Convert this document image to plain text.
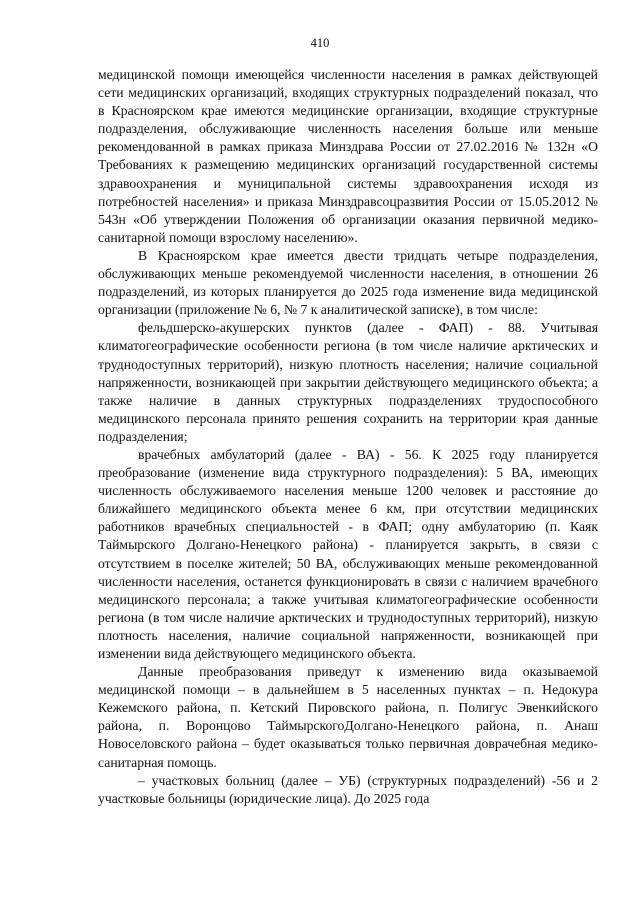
410

медицинской помощи имеющейся численности населения в рамках действующей сети медицинских организаций, входящих структурных подразделений показал, что в Красноярском крае имеются медицинские организации, входящие структурные подразделения, обслуживающие численность населения больше или меньше рекомендованной в рамках приказа Минздрава России от 27.02.2016 № 132н «О Требованиях к размещению медицинских организаций государственной системы здравоохранения и муниципальной системы здравоохранения исходя из потребностей населения» и приказа Минздравсоцразвития России от 15.05.2012 № 543н «Об утверждении Положения об организации оказания первичной медико-санитарной помощи взрослому населению».

В Красноярском крае имеется двести тридцать четыре подразделения, обслуживающих меньше рекомендуемой численности населения, в отношении 26 подразделений, из которых планируется до 2025 года изменение вида медицинской организации (приложение № 6, № 7 к аналитической записке), в том числе:

фельдшерско-акушерских пунктов (далее - ФАП) - 88. Учитывая климатогеографические особенности региона (в том числе наличие арктических и труднодоступных территорий), низкую плотность населения; наличие социальной напряженности, возникающей при закрытии действующего медицинского объекта; а также наличие в данных структурных подразделениях трудоспособного медицинского персонала принято решения сохранить на территории края данные подразделения;

врачебных амбулаторий (далее - ВА) - 56. К 2025 году планируется преобразование (изменение вида структурного подразделения): 5 ВА, имеющих численность обслуживаемого населения меньше 1200 человек и расстояние до ближайшего медицинского объекта менее 6 км, при отсутствии медицинских работников врачебных специальностей - в ФАП; одну амбулаторию (п. Каяк Таймырского Долгано-Ненецкого района) - планируется закрыть, в связи с отсутствием в поселке жителей; 50 ВА, обслуживающих меньше рекомендованной численности населения, останется функционировать в связи с наличием врачебного медицинского персонала; а также учитывая климатогеографические особенности региона (в том числе наличие арктических и труднодоступных территорий), низкую плотность населения, наличие социальной напряженности, возникающей при изменении вида действующего медицинского объекта.

Данные преобразования приведут к изменению вида оказываемой медицинской помощи – в дальнейшем в 5 населенных пунктах – п. Недокура Кежемского района, п. Кетский Пировского района, п. Полигус Эвенкийского района, п. Воронцово ТаймырскогоДолгано-Ненецкого района, п. Анаш Новоселовского района – будет оказываться только первичная доврачебная медико-санитарная помощь.

– участковых больниц (далее – УБ) (структурных подразделений) -56 и 2 участковые больницы (юридические лица). До 2025 года
